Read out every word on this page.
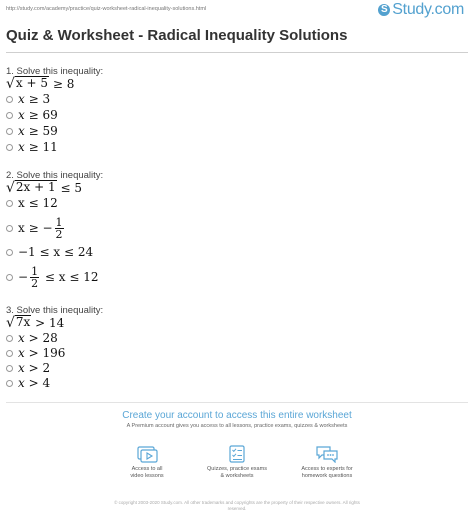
http://study.com/academy/practice/quiz-worksheet-radical-inequality-solutions.html	S Study.com
Quiz & Worksheet - Radical Inequality Solutions
1. Solve this inequality:
√ x + 5 ≥ 8
x ≥ 3
x ≥ 69
x ≥ 59
x ≥ 11
2. Solve this inequality:
√ 2x + 1 ≤ 5
x ≤ 12
x ≥ − $\frac{1}{2}$
−1 ≤ x ≤ 24
− $\frac{1}{2} \le x \le 12$
3. Solve this inequality:
√ 7x > 14
x > 28
x > 196
x > 2
x > 4
Create your account to access this entire worksheet
A Premium account gives you access to all lessons, practice exams, quizzes & worksheets
Access to all
video lessons
Quizzes, practice exams
& worksheets
Access to experts for
homework questions
© copyright 2003-2020 Study.com. All other trademarks and copyrights are the property of their respective owners. All rights
reserved.
